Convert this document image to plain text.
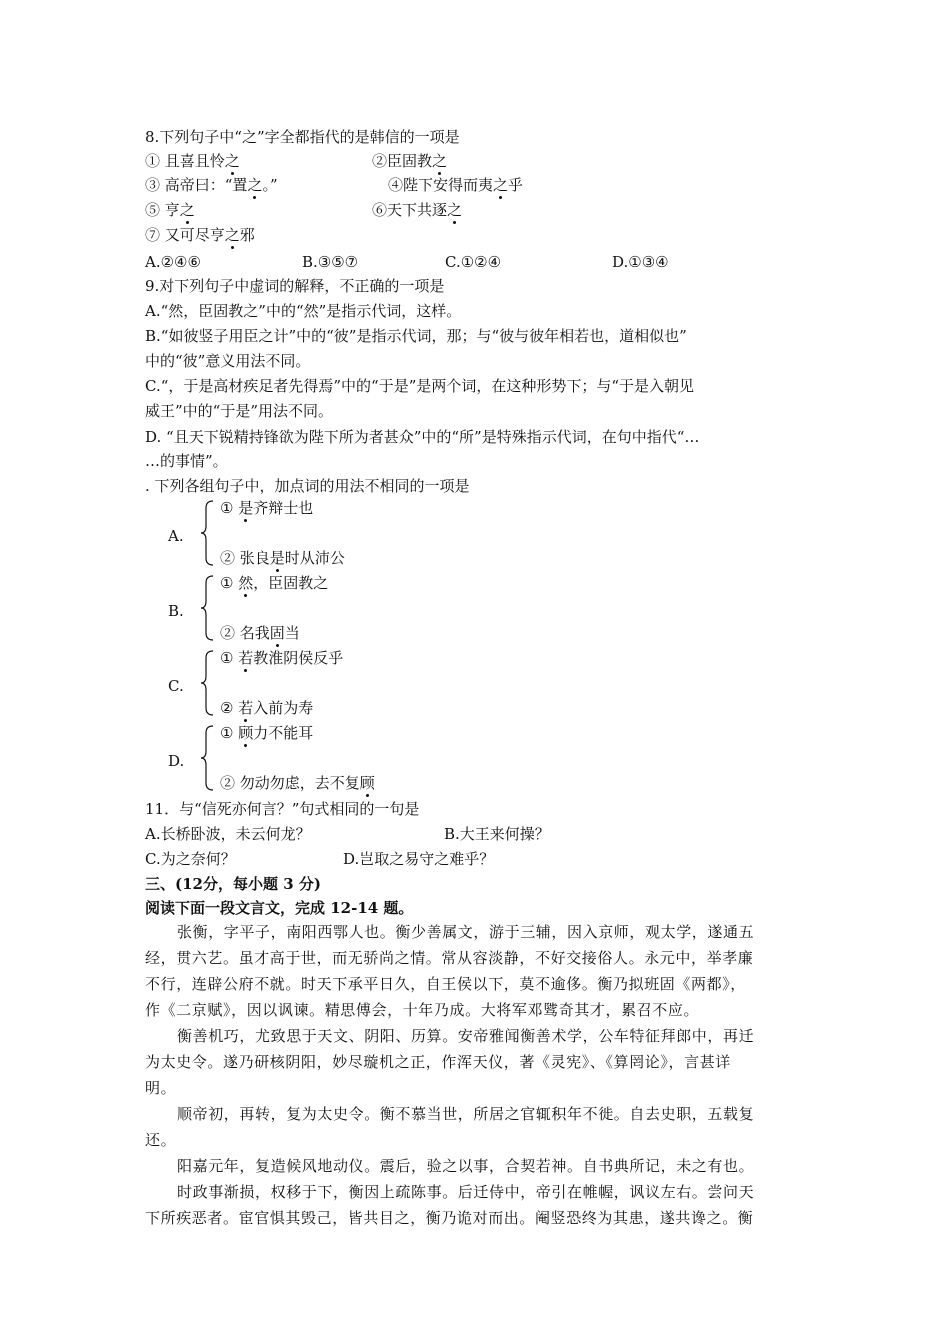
8.下列句子中“之”字全都指代的是韩信的一项是
① 且喜且怜之	②臣固教之
③ 高帝曰：“置之。”	④陛下安得而夷之乎
⑤ 亨之	⑥天下共逐之
⑦ 又可尽亨之邪
A.②④⑥	B.③⑤⑦	C.①②④	D.①③④
9.对下列句子中虚词的解释，不正确的一项是
A.“然，臣固教之”中的“然”是指示代词，这样。
B.“如彼竖子用臣之计”中的“彼”是指示代词，那；与“彼与彼年相若也，道相似也”
中的“彼”意义用法不同。
C.“，于是高材疾足者先得焉”中的“于是”是两个词，在这种形势下；与“于是入朝见
威王”中的“于是”用法不同。
D. “且天下锐精持锋欲为陛下所为者甚众”中的“所”是特殊指示代词，在句中指代“…
…的事情”。
. 下列各组句子中，加点词的用法不相同的一项是
A.
① 是齐辩士也
② 张良是时从沛公
B.
① 然，臣固教之
② 名我固当
C.
① 若教淮阴侯反乎
② 若入前为寿
D.
① 顾力不能耳
② 勿动勿虑，去不复顾
11．与“信死亦何言？”句式相同的一句是
A.长桥卧波，未云何龙？	B.大王来何操？
C.为之奈何？	D.岂取之易守之难乎？
三、(12分，每小题 3 分)
阅读下面一段文言文，完成 12-14 题。
张衡，字平子，南阳西鄂人也。衡少善属文，游于三辅，因入京师，观太学，遂通五
经，贯六艺。虽才高于世，而无骄尚之情。常从容淡静，不好交接俗人。永元中，举孝廉
不行，连辟公府不就。时天下承平日久，自王侯以下，莫不逾侈。衡乃拟班固《两都》，
作《二京赋》，因以讽谏。精思傅会，十年乃成。大将军邓骘奇其才，累召不应。
衡善机巧，尤致思于天文、阴阳、历算。安帝雅闻衡善术学，公车特征拜郎中，再迁
为太史令。遂乃研核阴阳，妙尽璇机之正，作浑天仪，著《灵宪》、《算罔论》，言甚详
明。
顺帝初，再转，复为太史令。衡不慕当世，所居之官辄积年不徙。自去史职，五载复
还。
阳嘉元年，复造候风地动仪。震后，验之以事，合契若神。自书典所记，未之有也。
时政事渐损，权移于下，衡因上疏陈事。后迁侍中，帝引在帷幄，讽议左右。尝问天
下所疾恶者。宦官惧其毁己，皆共目之，衡乃诡对而出。阉竖恐终为其患，遂共谗之。衡
